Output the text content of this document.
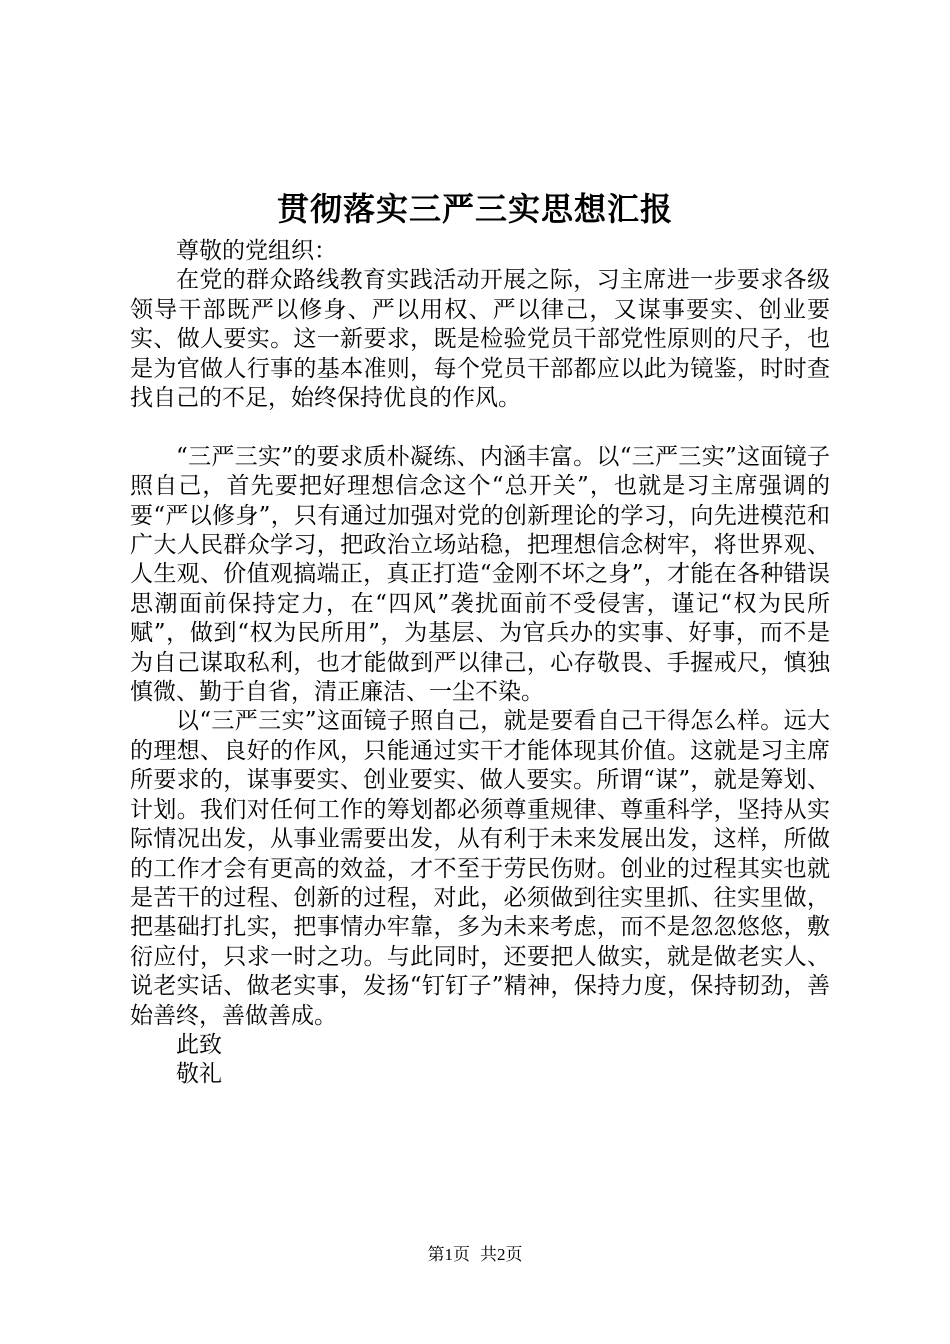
贯彻落实三严三实思想汇报

尊敬的党组织：

在党的群众路线教育实践活动开展之际，习主席进一步要求各级领导干部既严以修身、严以用权、严以律己，又谋事要实、创业要实、做人要实。这一新要求，既是检验党员干部党性原则的尺子，也是为官做人行事的基本准则，每个党员干部都应以此为镜鉴，时时查找自己的不足，始终保持优良的作风。

“三严三实”的要求质朴凝练、内涵丰富。以“三严三实”这面镜子照自己，首先要把好理想信念这个“总开关”，也就是习主席强调的要“严以修身”，只有通过加强对党的创新理论的学习，向先进模范和广大人民群众学习，把政治立场站稳，把理想信念树牢，将世界观、人生观、价值观搞端正，真正打造“金刚不坏之身”，才能在各种错误思潮面前保持定力，在“四风”袭扰面前不受侵害，谨记“权为民所赋”，做到“权为民所用”，为基层、为官兵办的实事、好事，而不是为自己谋取私利，也才能做到严以律己，心存敬畏、手握戒尺，慎独慎微、勤于自省，清正廉洁、一尘不染。

以“三严三实”这面镜子照自己，就是要看自己干得怎么样。远大的理想、良好的作风，只能通过实干才能体现其价值。这就是习主席所要求的，谋事要实、创业要实、做人要实。所谓“谋”，就是筹划、计划。我们对任何工作的筹划都必须尊重规律、尊重科学，坚持从实际情况出发，从事业需要出发，从有利于未来发展出发，这样，所做的工作才会有更高的效益，才不至于劳民伤财。创业的过程其实也就是苦干的过程、创新的过程，对此，必须做到往实里抓、往实里做，把基础打扎实，把事情办牢靠，多为未来考虑，而不是忽忽悠悠，敷衍应付，只求一时之功。与此同时，还要把人做实，就是做老实人、说老实话、做老实事，发扬“钉钉子”精神，保持力度，保持韧劲，善始善终，善做善成。

此致

敬礼

第1页 共2页
